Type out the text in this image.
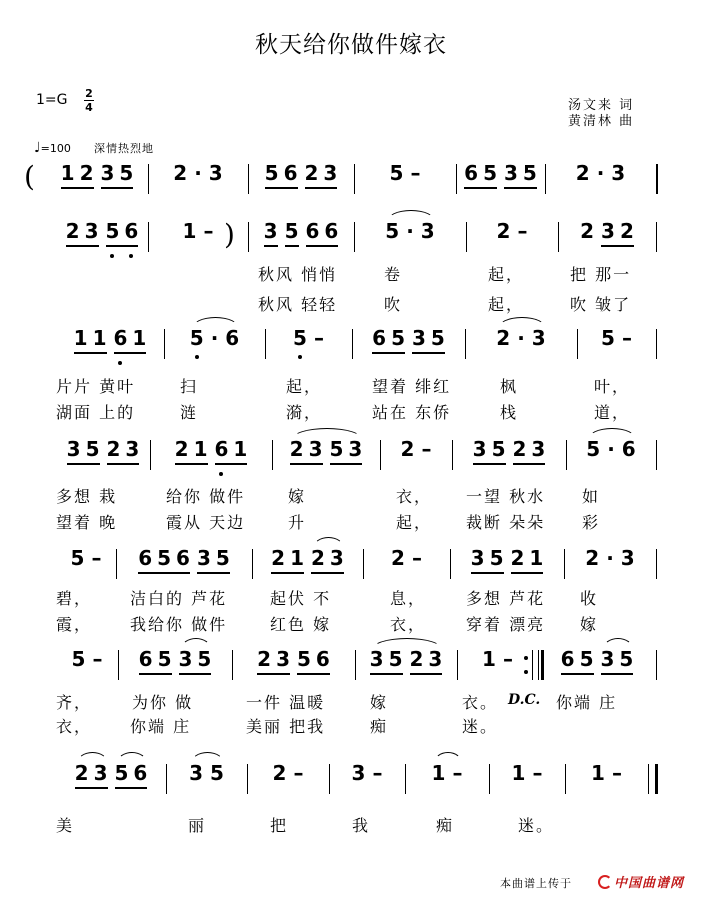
秋天给你做件嫁衣
1=G 2
4	汤文来 词
黄清林 曲
♩=100 深情热烈地
( 1 2 3 5 2 · 3 5 6 2 3	5 – 6 5 3 5 2 · 3
2 3 5 6 1 –	3 5 6 6 5 · 3	2 –	2 3 2
)
1 1 6 1 5 · 6	5 – 6 5 3 5	2 · 3	5 –
3 5 2 3 2 1 6 1 2 3 5 3 2 – 3 5 2 3 5 · 6
5 – 6 5 6 3 5 2 1 2 3 2 – 3 5 2 1 2 · 3
5 – 6 5 3 5 2 3 5 6 3 5 2 3 1 – 6 5 3 5
2 3 5 6 3 5 2 – 3 – 1 – 1 – 1 –
本曲谱上传于	中国曲谱网
秋风 悄悄	卷	起，	把 那一
秋风 轻轻	吹	起，	吹 皱了
片片 黄叶	扫	起，	望着 绯红	枫	叶，
湖面 上的	涟	漪，	站在 东侨	栈	道，
多想 栽	给你 做件	嫁	衣， 一望 秋水 如
望着 晚	霞从 天边	升	起， 裁断 朵朵 彩
碧， 洁白的 芦花	起伏 不	息， 多想 芦花 收
霞， 我给你 做件	红色 嫁	衣， 穿着 漂亮 嫁
齐， 为你 做	一件 温暖	嫁	衣。 D.C. 你端 庄
衣， 你端 庄	美丽 把我	痴	迷。
美	丽	把	我	痴	迷。
